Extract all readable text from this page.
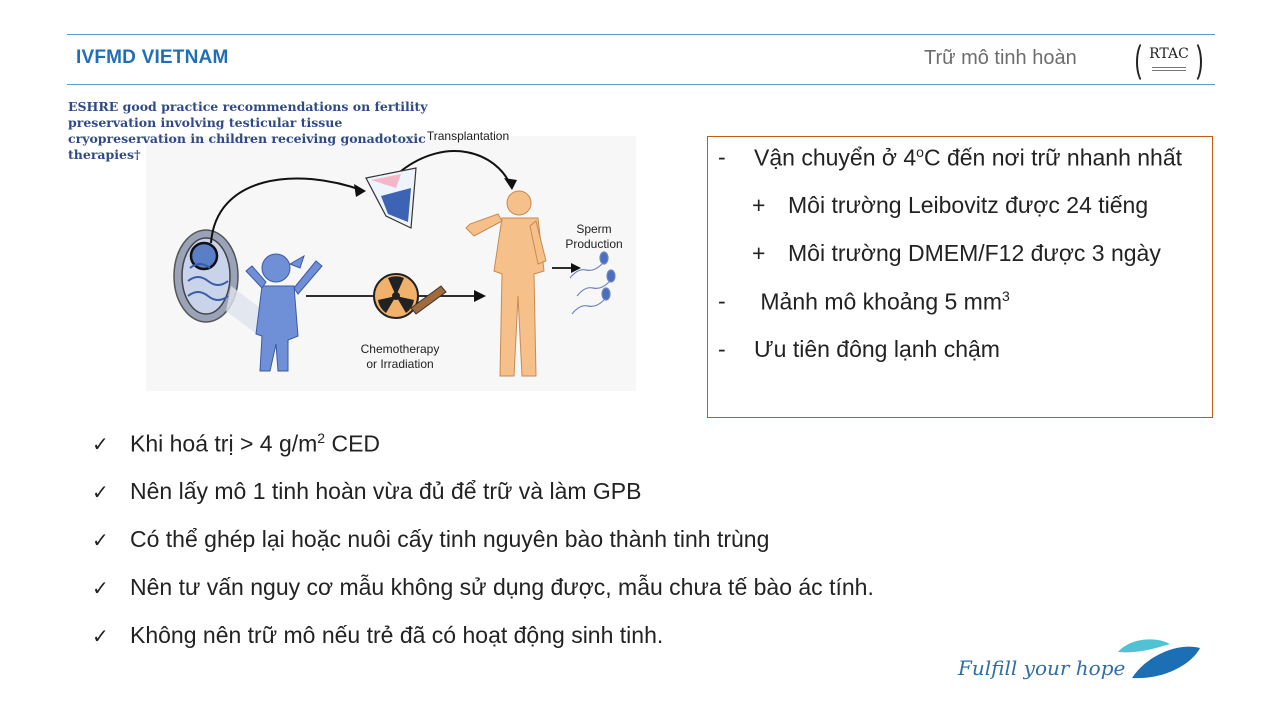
IVFMD VIETNAM	Trữ mô tinh hoàn	RTAC
ESHRE good practice recommendations on fertility preservation involving testicular tissue cryopreservation in children receiving gonadotoxic therapies†
Transplantation
Sperm
Production
Chemotherapy
or Irradiation
- Vận chuyển ở 4$^o$C đến nơi trữ nhanh nhất
+ Môi trường Leibovitz được 24 tiếng
+ Môi trường DMEM/F12 được 3 ngày
- Mảnh mô khoảng 5 $mm^3$
- Ưu tiên đông lạnh chậm
✓ Khi hoá trị > 4 $g/m^2$ CED
✓ Nên lấy mô 1 tinh hoàn vừa đủ để trữ và làm GPB
✓ Có thể ghép lại hoặc nuôi cấy tinh nguyên bào thành tinh trùng
✓ Nên tư vấn nguy cơ mẫu không sử dụng được, mẫu chưa tế bào ác tính.
✓ Không nên trữ mô nếu trẻ đã có hoạt động sinh tinh.
Fulfill your hope
